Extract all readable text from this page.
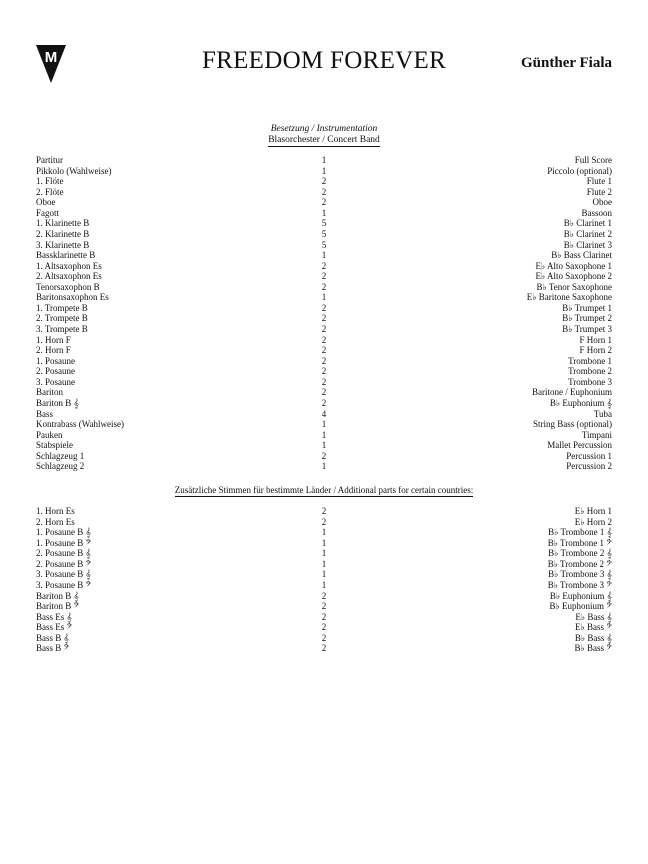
M	FREEDOM FOREVER	Günther Fiala
Besetzung / Instrumentation
Blasorchester / Concert Band
Partitur	1	Full Score
Pikkolo (Wahlweise)	1	Piccolo (optional)
1. Flöte	2	Flute 1
2. Flöte	2	Flute 2
Oboe	2	Oboe
Fagott	1	Bassoon
1. Klarinette B	5	B♭ Clarinet 1
2. Klarinette B	5	B♭ Clarinet 2
3. Klarinette B	5	B♭ Clarinet 3
Bassklarinette B	1	B♭ Bass Clarinet
1. Altsaxophon Es	2	E♭ Alto Saxophone 1
2. Altsaxophon Es	2	E♭ Alto Saxophone 2
Tenorsaxophon B	2	B♭ Tenor Saxophone
Baritonsaxophon Es	1	E♭ Baritone Saxophone
1. Trompete B	2	B♭ Trumpet 1
2. Trompete B	2	B♭ Trumpet 2
3. Trompete B	2	B♭ Trumpet 3
1. Horn F	2	F Horn 1
2. Horn F	2	F Horn 2
1. Posaune	2	Trombone 1
2. Posaune	2	Trombone 2
3. Posaune	2	Trombone 3
Bariton	2	Baritone / Euphonium
Bariton B 𝄞	2	B♭ Euphonium 𝄞
Bass	4	Tuba
Kontrabass (Wahlweise)	1	String Bass (optional)
Pauken	1	Timpani
Stabspiele	1	Mallet Percussion
Schlagzeug 1	2	Percussion 1
Schlagzeug 2	1	Percussion 2
Zusätzliche Stimmen für bestimmte Länder / Additional parts for certain countries:
1. Horn Es	2	E♭ Horn 1
2. Horn Es	2	E♭ Horn 2
1. Posaune B 𝄞	1	B♭ Trombone 1 𝄞
1. Posaune B 𝄢	1	B♭ Trombone 1 𝄢
2. Posaune B 𝄞	1	B♭ Trombone 2 𝄞
2. Posaune B 𝄢	1	B♭ Trombone 2 𝄢
3. Posaune B 𝄞	1	B♭ Trombone 3 𝄞
3. Posaune B 𝄢	1	B♭ Trombone 3 𝄢
Bariton B 𝄞	2	B♭ Euphonium 𝄞
Bariton B 𝄢	2	B♭ Euphonium 𝄢
Bass Es 𝄞	2	E♭ Bass 𝄞
Bass Es 𝄢	2	E♭ Bass 𝄢
Bass B 𝄞	2	B♭ Bass 𝄞
Bass B 𝄢	2	B♭ Bass 𝄢
